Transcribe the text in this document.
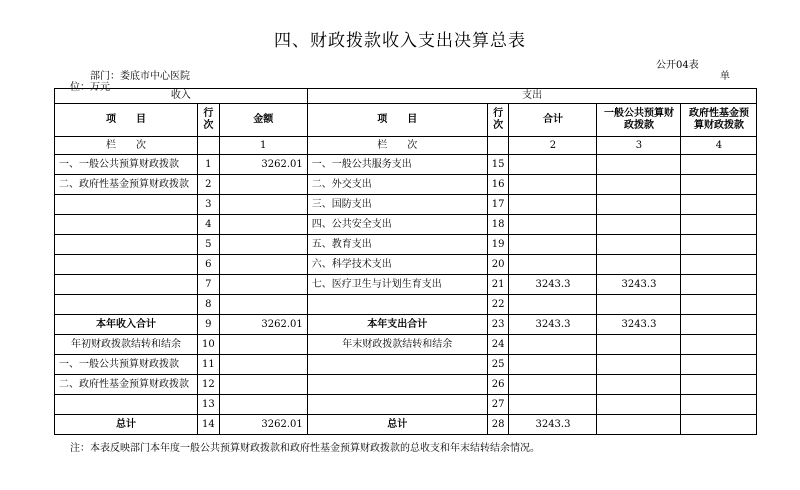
四、财政拨款收入支出决算总表
公开04表
部门：娄底市中心医院	单
位：万元
收入			支出				
项　　目	行次	金额	项　　目	行次	合计	一般公共预算财政拨款	政府性基金预算财政拨款
栏　　次		1	栏　　次		2	3	4
一、一般公共预算财政拨款	1	3262.01	一、一般公共服务支出	15			
二、政府性基金预算财政拨款	2		二、外交支出	16			
	3		三、国防支出	17			
	4		四、公共安全支出	18			
	5		五、教育支出	19			
	6		六、科学技术支出	20			
	7		七、医疗卫生与计划生育支出	21	3243.3	3243.3	
	8			22			
本年收入合计	9	3262.01	本年支出合计	23	3243.3	3243.3	
年初财政拨款结转和结余	10		年末财政拨款结转和结余	24			
一、一般公共预算财政拨款	11			25			
二、政府性基金预算财政拨款	12			26			
	13			27			
总计	14	3262.01	总计	28	3243.3		
注：本表反映部门本年度一般公共预算财政拨款和政府性基金预算财政拨款的总收支和年末结转结余情况。
